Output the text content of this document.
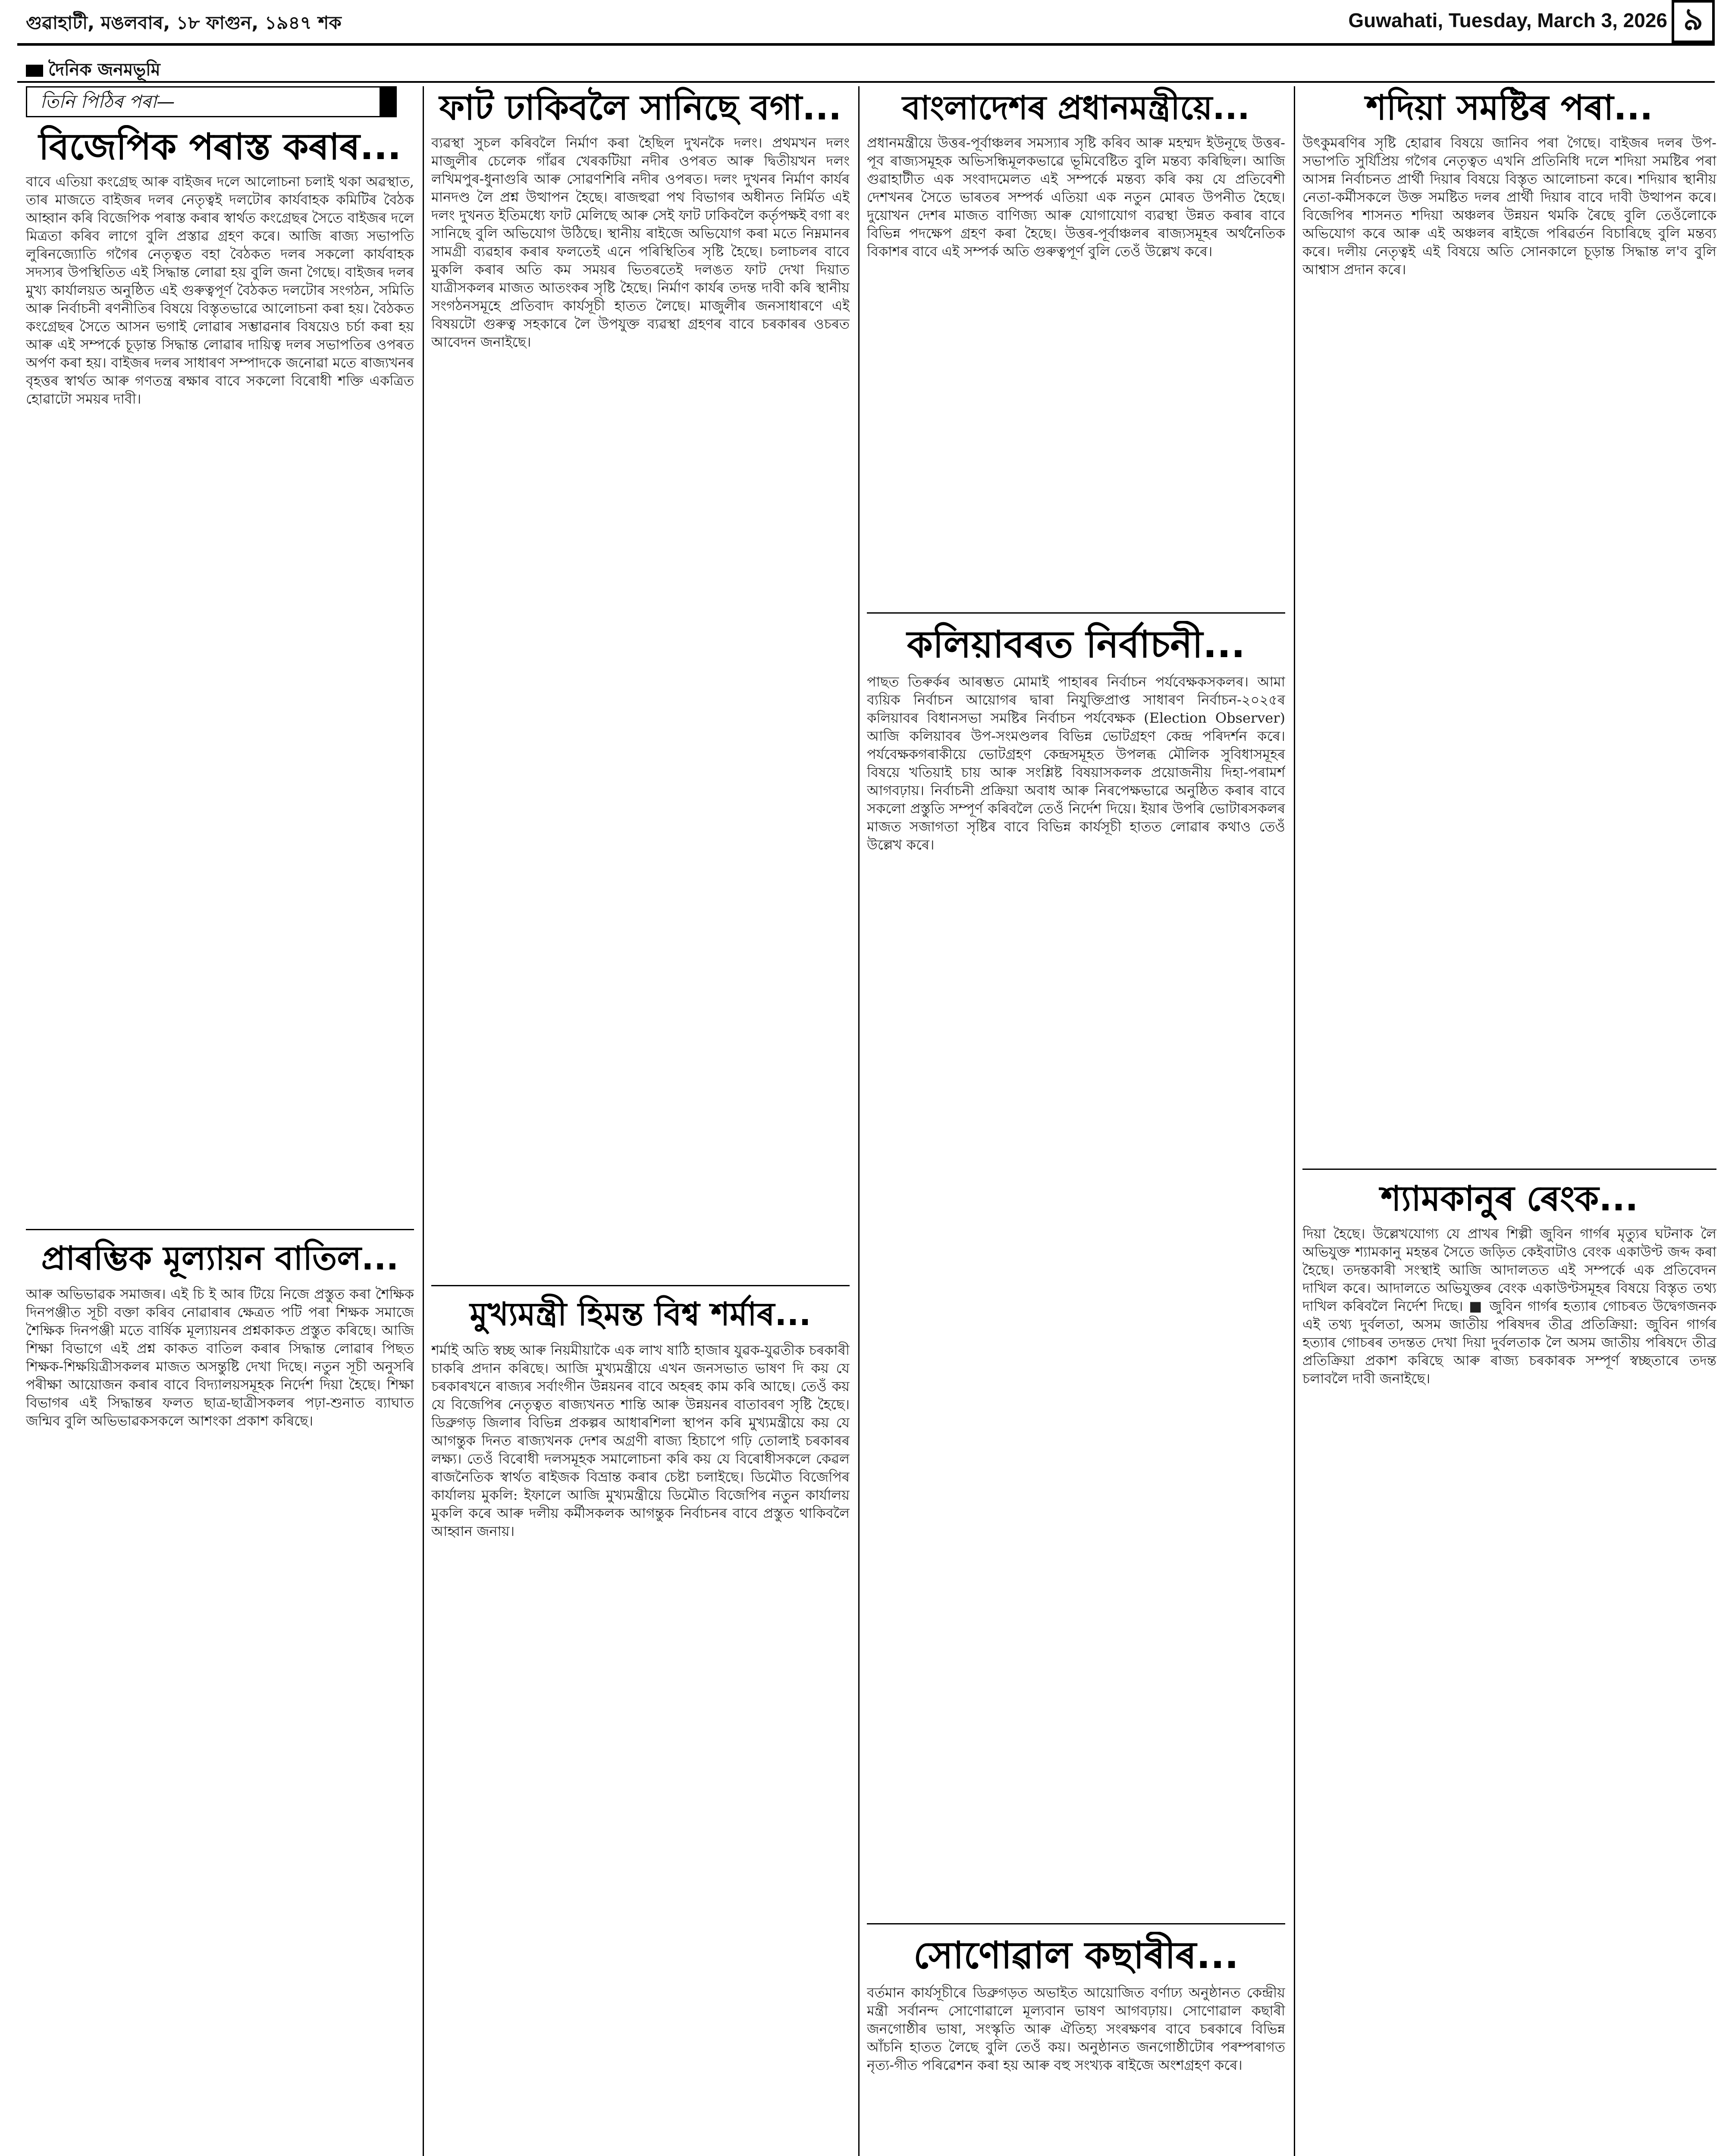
গুৱাহাটী, মঙলবাৰ, ১৮ ফাগুন, ১৯৪৭ শক	Guwahati, Tuesday, March 3, 2026 ৯
দৈনিক জনমভূমি
তিনি পিঠিৰ পৰা—
বিজেপিক পৰাস্ত কৰাৰ...
বাবে এতিয়া কংগ্ৰেছ আৰু বাইজৰ দলে আলোচনা চলাই থকা অৱস্থাত, তাৰ মাজতে বাইজৰ দলৰ নেতৃত্বই দলটোৰ কাৰ্যবাহক কমিটিৰ বৈঠক আহ্বান কৰি বিজেপিক পৰাস্ত কৰাৰ স্বাৰ্থত কংগ্ৰেছৰ সৈতে বাইজৰ দলে মিত্ৰতা কৰিব লাগে বুলি প্ৰস্তাৱ গ্ৰহণ কৰে। আজি ৰাজ্য সভাপতি লুৰিনজ্যোতি গগৈৰ নেতৃত্বত বহা বৈঠকত দলৰ সকলো কাৰ্যবাহক সদস্যৰ উপস্থিতিত এই সিদ্ধান্ত লোৱা হয় বুলি জনা গৈছে। বাইজৰ দলৰ মুখ্য কাৰ্যালয়ত অনুষ্ঠিত এই গুৰুত্বপূৰ্ণ বৈঠকত দলটোৰ সংগঠন, সমিতি আৰু নিৰ্বাচনী ৰণনীতিৰ বিষয়ে বিস্তৃতভাৱে আলোচনা কৰা হয়। বৈঠকত কংগ্ৰেছৰ সৈতে আসন ভগাই লোৱাৰ সম্ভাৱনাৰ বিষয়েও চৰ্চা কৰা হয় আৰু এই সম্পৰ্কে চূড়ান্ত সিদ্ধান্ত লোৱাৰ দায়িত্ব দলৰ সভাপতিৰ ওপৰত অৰ্পণ কৰা হয়। বাইজৰ দলৰ সাধাৰণ সম্পাদকে জনোৱা মতে ৰাজ্যখনৰ বৃহত্তৰ স্বাৰ্থত আৰু গণতন্ত্ৰ ৰক্ষাৰ বাবে সকলো বিৰোধী শক্তি একত্ৰিত হোৱাটো সময়ৰ দাবী।
প্ৰাৰম্ভিক মূল্যায়ন বাতিল...
আৰু অভিভাৱক সমাজৰ। এই চি ই আৰ টিয়ে নিজে প্ৰস্তুত কৰা শৈক্ষিক দিনপঞ্জীত সূচী বক্তা কৰিব নোৱাৰাৰ ক্ষেত্ৰত পটি পৰা শিক্ষক সমাজে শৈক্ষিক দিনপঞ্জী মতে বাৰ্ষিক মূল্যায়নৰ প্ৰশ্নকাকত প্ৰস্তুত কৰিছে। আজি শিক্ষা বিভাগে এই প্ৰশ্ন কাকত বাতিল কৰাৰ সিদ্ধান্ত লোৱাৰ পিছত শিক্ষক-শিক্ষয়িত্ৰীসকলৰ মাজত অসন্তুষ্টি দেখা দিছে। নতুন সূচী অনুসৰি পৰীক্ষা আয়োজন কৰাৰ বাবে বিদ্যালয়সমূহক নিৰ্দেশ দিয়া হৈছে। শিক্ষা বিভাগৰ এই সিদ্ধান্তৰ ফলত ছাত্ৰ-ছাত্ৰীসকলৰ পঢ়া-শুনাত ব্যাঘাত জন্মিব বুলি অভিভাৱকসকলে আশংকা প্ৰকাশ কৰিছে।
ফাট ঢাকিবলৈ সানিছে বগা...
ব্যৱস্থা সুচল কৰিবলৈ নিৰ্মাণ কৰা হৈছিল দুখনকৈ দলং। প্ৰথমখন দলং মাজুলীৰ চেলেক গাঁৱৰ খেৰকটিয়া নদীৰ ওপৰত আৰু দ্বিতীয়খন দলং লখিমপুৰ-ধুনাগুৰি আৰু সোৱণশিৰি নদীৰ ওপৰত। দলং দুখনৰ নিৰ্মাণ কাৰ্যৰ মানদণ্ড লৈ প্ৰশ্ন উত্থাপন হৈছে। ৰাজহুৱা পথ বিভাগৰ অধীনত নিৰ্মিত এই দলং দুখনত ইতিমধ্যে ফাট মেলিছে আৰু সেই ফাট ঢাকিবলৈ কৰ্তৃপক্ষই বগা ৰং সানিছে বুলি অভিযোগ উঠিছে। স্থানীয় ৰাইজে অভিযোগ কৰা মতে নিম্নমানৰ সামগ্ৰী ব্যৱহাৰ কৰাৰ ফলতেই এনে পৰিস্থিতিৰ সৃষ্টি হৈছে। চলাচলৰ বাবে মুকলি কৰাৰ অতি কম সময়ৰ ভিতৰতেই দলঙত ফাট দেখা দিয়াত যাত্ৰীসকলৰ মাজত আতংকৰ সৃষ্টি হৈছে। নিৰ্মাণ কাৰ্যৰ তদন্ত দাবী কৰি স্থানীয় সংগঠনসমূহে প্ৰতিবাদ কাৰ্যসূচী হাতত লৈছে। মাজুলীৰ জনসাধাৰণে এই বিষয়টো গুৰুত্ব সহকাৰে লৈ উপযুক্ত ব্যৱস্থা গ্ৰহণৰ বাবে চৰকাৰৰ ওচৰত আবেদন জনাইছে।
মুখ্যমন্ত্ৰী হিমন্ত বিশ্ব শৰ্মাৰ...
শৰ্মাই অতি স্বচ্ছ আৰু নিয়মীয়াকৈ এক লাখ ষাঠি হাজাৰ যুৱক-যুৱতীক চৰকাৰী চাকৰি প্ৰদান কৰিছে। আজি মুখ্যমন্ত্ৰীয়ে এখন জনসভাত ভাষণ দি কয় যে চৰকাৰখনে ৰাজ্যৰ সৰ্বাংগীন উন্নয়নৰ বাবে অহৰহ কাম কৰি আছে। তেওঁ কয় যে বিজেপিৰ নেতৃত্বত ৰাজ্যখনত শান্তি আৰু উন্নয়নৰ বাতাবৰণ সৃষ্টি হৈছে। ডিব্ৰুগড় জিলাৰ বিভিন্ন প্ৰকল্পৰ আধাৰশিলা স্থাপন কৰি মুখ্যমন্ত্ৰীয়ে কয় যে আগন্তুক দিনত ৰাজ্যখনক দেশৰ অগ্ৰণী ৰাজ্য হিচাপে গঢ়ি তোলাই চৰকাৰৰ লক্ষ্য। তেওঁ বিৰোধী দলসমূহক সমালোচনা কৰি কয় যে বিৰোধীসকলে কেৱল ৰাজনৈতিক স্বাৰ্থত ৰাইজক বিভ্ৰান্ত কৰাৰ চেষ্টা চলাইছে। ডিমৌত বিজেপিৰ কাৰ্যালয় মুকলি: ইফালে আজি মুখ্যমন্ত্ৰীয়ে ডিমৌত বিজেপিৰ নতুন কাৰ্যালয় মুকলি কৰে আৰু দলীয় কৰ্মীসকলক আগন্তুক নিৰ্বাচনৰ বাবে প্ৰস্তুত থাকিবলৈ আহ্বান জনায়।
বাংলাদেশৰ প্ৰধানমন্ত্ৰীয়ে...
প্ৰধানমন্ত্ৰীয়ে উত্তৰ-পূৰ্বাঞ্চলৰ সমস্যাৰ সৃষ্টি কৰিব আৰু মহম্মদ ইউনূছে উত্তৰ-পূব ৰাজ্যসমূহক অভিসন্ধিমূলকভাৱে ভূমিবেষ্টিত বুলি মন্তব্য কৰিছিল। আজি গুৱাহাটীত এক সংবাদমেলত এই সম্পৰ্কে মন্তব্য কৰি কয় যে প্ৰতিবেশী দেশখনৰ সৈতে ভাৰতৰ সম্পৰ্ক এতিয়া এক নতুন মোৰত উপনীত হৈছে। দুয়োখন দেশৰ মাজত বাণিজ্য আৰু যোগাযোগ ব্যৱস্থা উন্নত কৰাৰ বাবে বিভিন্ন পদক্ষেপ গ্ৰহণ কৰা হৈছে। উত্তৰ-পূৰ্বাঞ্চলৰ ৰাজ্যসমূহৰ অৰ্থনৈতিক বিকাশৰ বাবে এই সম্পৰ্ক অতি গুৰুত্বপূৰ্ণ বুলি তেওঁ উল্লেখ কৰে।
কলিয়াবৰত নিৰ্বাচনী...
পাছত তিৰুৰ্কৰ আৰম্ভত মোমাই পাহাৰৰ নিৰ্বাচন পৰ্যবেক্ষকসকলৰ। আমা ব্যয়িক নিৰ্বাচন আয়োগৰ দ্বাৰা নিযুক্তিপ্ৰাপ্ত সাধাৰণ নিৰ্বাচন-২০২৫ৰ কলিয়াবৰ বিধানসভা সমষ্টিৰ নিৰ্বাচন পৰ্যবেক্ষক (Election Observer) আজি কলিয়াবৰ উপ-সংমণ্ডলৰ বিভিন্ন ভোটগ্ৰহণ কেন্দ্ৰ পৰিদৰ্শন কৰে। পৰ্যবেক্ষকগৰাকীয়ে ভোটগ্ৰহণ কেন্দ্ৰসমূহত উপলব্ধ মৌলিক সুবিধাসমূহৰ বিষয়ে খতিয়াই চায় আৰু সংশ্লিষ্ট বিষয়াসকলক প্ৰয়োজনীয় দিহা-পৰামৰ্শ আগবঢ়ায়। নিৰ্বাচনী প্ৰক্ৰিয়া অবাধ আৰু নিৰপেক্ষভাৱে অনুষ্ঠিত কৰাৰ বাবে সকলো প্ৰস্তুতি সম্পূৰ্ণ কৰিবলৈ তেওঁ নিৰ্দেশ দিয়ে। ইয়াৰ উপৰি ভোটাৰসকলৰ মাজত সজাগতা সৃষ্টিৰ বাবে বিভিন্ন কাৰ্যসূচী হাতত লোৱাৰ কথাও তেওঁ উল্লেখ কৰে।
সোণোৱাল কছাৰীৰ...
বৰ্তমান কাৰ্যসূচীৰে ডিব্ৰুগড়ত অভাইত আয়োজিত বৰ্ণাঢ্য অনুষ্ঠানত কেন্দ্ৰীয় মন্ত্ৰী সৰ্বানন্দ সোণোৱালে মূল্যবান ভাষণ আগবঢ়ায়। সোণোৱাল কছাৰী জনগোষ্ঠীৰ ভাষা, সংস্কৃতি আৰু ঐতিহ্য সংৰক্ষণৰ বাবে চৰকাৰে বিভিন্ন আঁচনি হাতত লৈছে বুলি তেওঁ কয়। অনুষ্ঠানত জনগোষ্ঠীটোৰ পৰম্পৰাগত নৃত্য-গীত পৰিৱেশন কৰা হয় আৰু বহু সংখ্যক ৰাইজে অংশগ্ৰহণ কৰে।
শদিয়া সমষ্টিৰ পৰা...
উৎকুমৰণিৰ সৃষ্টি হোৱাৰ বিষয়ে জানিব পৰা গৈছে। বাইজৰ দলৰ উপ-সভাপতি সুৰ্যিপ্ৰিয় গগৈৰ নেতৃত্বত এখনি প্ৰতিনিধি দলে শদিয়া সমষ্টিৰ পৰা আসন্ন নিৰ্বাচনত প্ৰাৰ্থী দিয়াৰ বিষয়ে বিস্তৃত আলোচনা কৰে। শদিয়াৰ স্থানীয় নেতা-কৰ্মীসকলে উক্ত সমষ্টিত দলৰ প্ৰাৰ্থী দিয়াৰ বাবে দাবী উত্থাপন কৰে। বিজেপিৰ শাসনত শদিয়া অঞ্চলৰ উন্নয়ন থমকি ৰৈছে বুলি তেওঁলোকে অভিযোগ কৰে আৰু এই অঞ্চলৰ ৰাইজে পৰিৱৰ্তন বিচাৰিছে বুলি মন্তব্য কৰে। দলীয় নেতৃত্বই এই বিষয়ে অতি সোনকালে চূড়ান্ত সিদ্ধান্ত ল'ব বুলি আশ্বাস প্ৰদান কৰে।
শ্যামকানুৰ ৰেংক...
দিয়া হৈছে। উল্লেখযোগ্য যে প্ৰাখৰ শিল্পী জুবিন গাৰ্গৰ মৃত্যুৰ ঘটনাক লৈ অভিযুক্ত শ্যামকানু মহন্তৰ সৈতে জড়িত কেইবাটাও বেংক একাউণ্ট জব্দ কৰা হৈছে। তদন্তকাৰী সংস্থাই আজি আদালতত এই সম্পৰ্কে এক প্ৰতিবেদন দাখিল কৰে। আদালতে অভিযুক্তৰ বেংক একাউণ্টসমূহৰ বিষয়ে বিস্তৃত তথ্য দাখিল কৰিবলৈ নিৰ্দেশ দিছে। ■ জুবিন গাৰ্গৰ হত্যাৰ গোচৰত উদ্বেগজনক এই তথ্য দুৰ্বলতা, অসম জাতীয় পৰিষদৰ তীব্ৰ প্ৰতিক্ৰিয়া: জুবিন গাৰ্গৰ হত্যাৰ গোচৰৰ তদন্তত দেখা দিয়া দুৰ্বলতাক লৈ অসম জাতীয় পৰিষদে তীব্ৰ প্ৰতিক্ৰিয়া প্ৰকাশ কৰিছে আৰু ৰাজ্য চৰকাৰক সম্পূৰ্ণ স্বচ্ছতাৰে তদন্ত চলাবলৈ দাবী জনাইছে।
